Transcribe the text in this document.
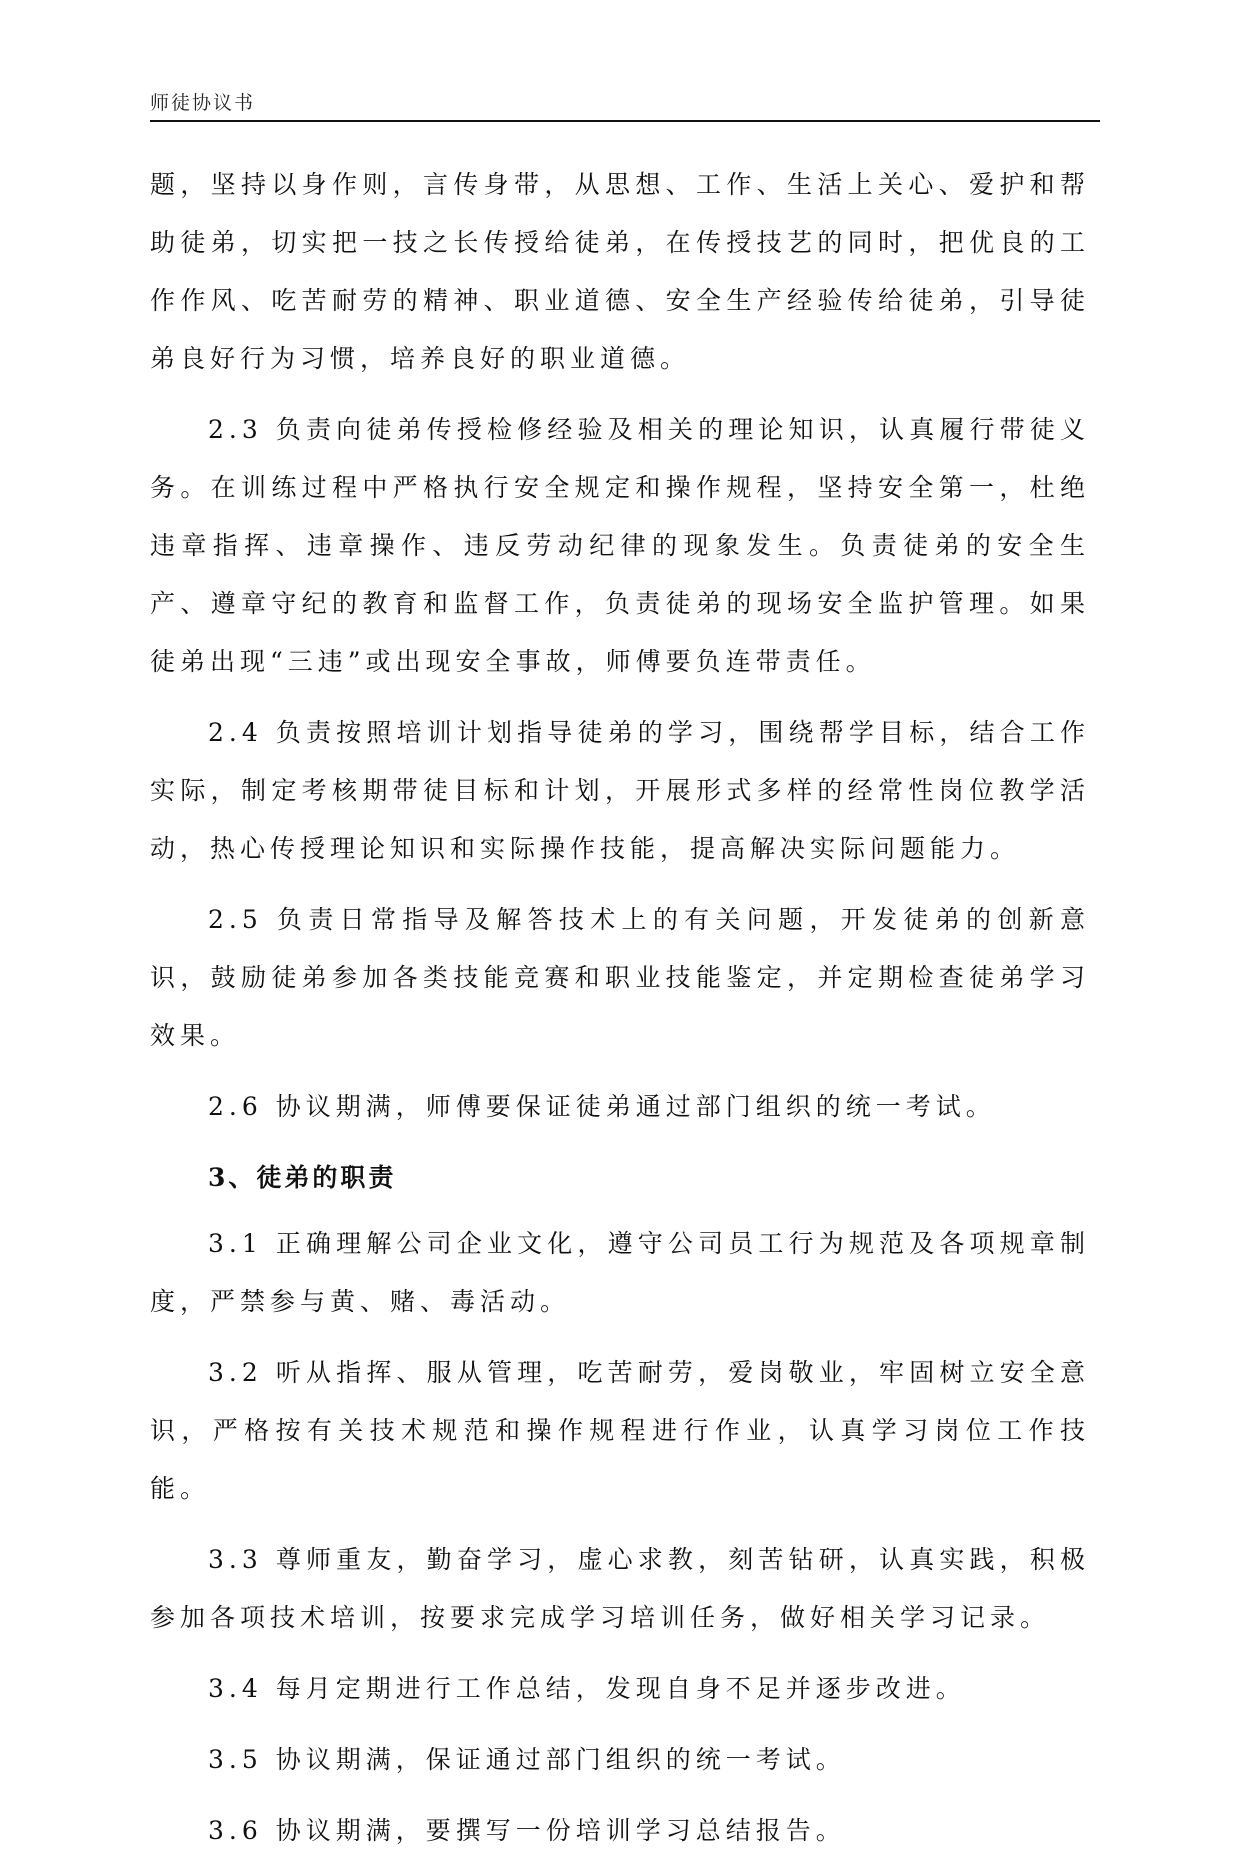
师徒协议书

题，坚持以身作则，言传身带，从思想、工作、生活上关心、爱护和帮助徒弟，切实把一技之长传授给徒弟，在传授技艺的同时，把优良的工作作风、吃苦耐劳的精神、职业道德、安全生产经验传给徒弟，引导徒弟良好行为习惯，培养良好的职业道德。

2.3 负责向徒弟传授检修经验及相关的理论知识，认真履行带徒义务。在训练过程中严格执行安全规定和操作规程，坚持安全第一，杜绝违章指挥、违章操作、违反劳动纪律的现象发生。负责徒弟的安全生产、遵章守纪的教育和监督工作，负责徒弟的现场安全监护管理。如果徒弟出现“三违”或出现安全事故，师傅要负连带责任。

2.4 负责按照培训计划指导徒弟的学习，围绕帮学目标，结合工作实际，制定考核期带徒目标和计划，开展形式多样的经常性岗位教学活动，热心传授理论知识和实际操作技能，提高解决实际问题能力。

2.5 负责日常指导及解答技术上的有关问题，开发徒弟的创新意识，鼓励徒弟参加各类技能竞赛和职业技能鉴定，并定期检查徒弟学习效果。

2.6 协议期满，师傅要保证徒弟通过部门组织的统一考试。

3、徒弟的职责

3.1 正确理解公司企业文化，遵守公司员工行为规范及各项规章制度，严禁参与黄、赌、毒活动。

3.2 听从指挥、服从管理，吃苦耐劳，爱岗敬业，牢固树立安全意识，严格按有关技术规范和操作规程进行作业，认真学习岗位工作技能。

3.3 尊师重友，勤奋学习，虚心求教，刻苦钻研，认真实践，积极参加各项技术培训，按要求完成学习培训任务，做好相关学习记录。

3.4 每月定期进行工作总结，发现自身不足并逐步改进。

3.5 协议期满，保证通过部门组织的统一考试。

3.6 协议期满，要撰写一份培训学习总结报告。
